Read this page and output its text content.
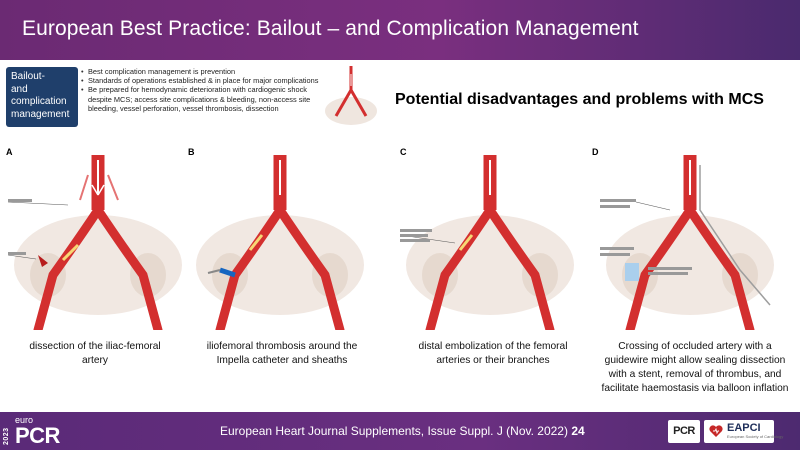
European Best Practice: Bailout – and Complication Management
Bailout-
and
complication
management
• Best complication management is prevention
• Standards of operations established & in place for major complications
• Be prepared for hemodynamic deterioration with cardiogenic shock despite MCS; access site complications & bleeding, non-access site bleeding, vessel perforation, vessel thrombosis, dissection
Potential disadvantages and problems with MCS
A	B	C	D
dissection of the iliac-femoral artery
iliofemoral thrombosis around the Impella catheter and sheaths
distal embolization of the femoral arteries or their branches
Crossing of occluded artery with a guidewire might allow sealing dissection with a stent, removal of thrombus, and facilitate haemostasis via balloon inflation
2023
euro
PCR	European Heart Journal Supplements, Issue Suppl. J (Nov. 2022) 24	PCR	EAPCI
European Society of Cardiology
